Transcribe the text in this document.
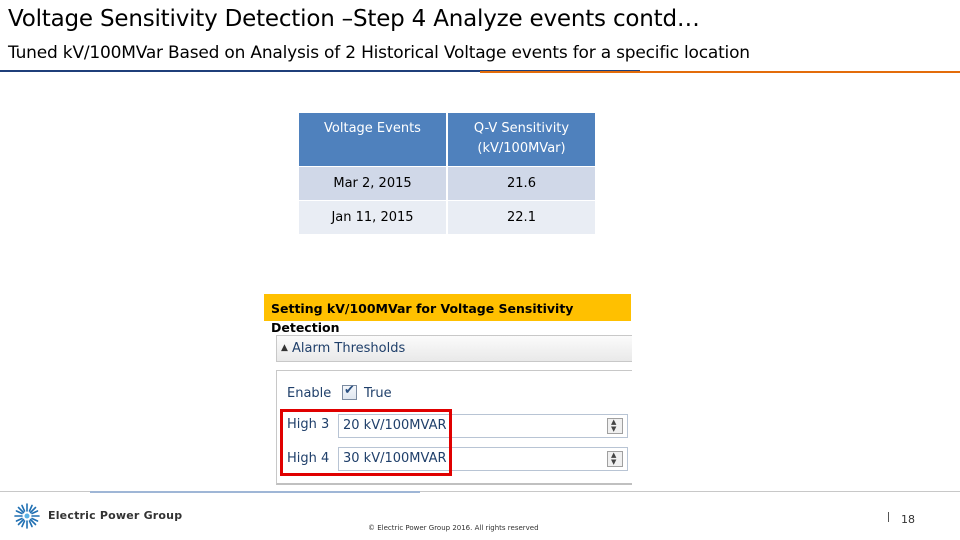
Voltage Sensitivity Detection –Step 4 Analyze events contd…
Tuned kV/100MVar Based on Analysis of 2 Historical Voltage events for a specific location
Voltage Events	Q-V Sensitivity (kV/100MVar)
Mar 2, 2015	21.6
Jan 11, 2015	22.1
Setting kV/100MVar for Voltage Sensitivity Detection
▲ Alarm Thresholds
Enable ✔ True
High 3 20 kV/100MVAR	▲
▼
High 4 30 kV/100MVAR	▲
▼
Electric Power Group
© Electric Power Group 2016. All rights reserved
18
